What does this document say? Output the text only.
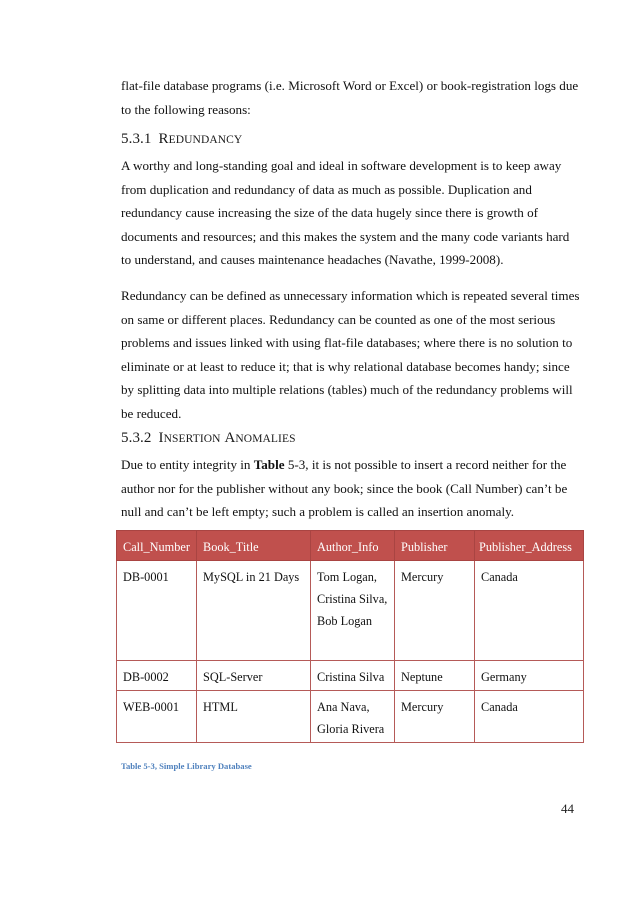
flat-file database programs (i.e. Microsoft Word or Excel) or book-registration logs due to the following reasons:

5.3.1 REDUNDANCY

A worthy and long-standing goal and ideal in software development is to keep away from duplication and redundancy of data as much as possible. Duplication and redundancy cause increasing the size of the data hugely since there is growth of documents and resources; and this makes the system and the many code variants hard to understand, and causes maintenance headaches (Navathe, 1999-2008).

Redundancy can be defined as unnecessary information which is repeated several times on same or different places. Redundancy can be counted as one of the most serious problems and issues linked with using flat-file databases; where there is no solution to eliminate or at least to reduce it; that is why relational database becomes handy; since by splitting data into multiple relations (tables) much of the redundancy problems will be reduced.

5.3.2 INSERTION ANOMALIES

Due to entity integrity in Table 5-3, it is not possible to insert a record neither for the author nor for the publisher without any book; since the book (Call Number) can’t be null and can’t be left empty; such a problem is called an insertion anomaly.

Call_Number	Book_Title	Author_Info	Publisher	Publisher_Address
DB-0001	MySQL in 21 Days	Tom Logan, Cristina Silva, Bob Logan	Mercury	Canada
DB-0002	SQL-Server	Cristina Silva	Neptune	Germany
WEB-0001	HTML	Ana Nava, Gloria Rivera	Mercury	Canada

Table 5-3, Simple Library Database

44
